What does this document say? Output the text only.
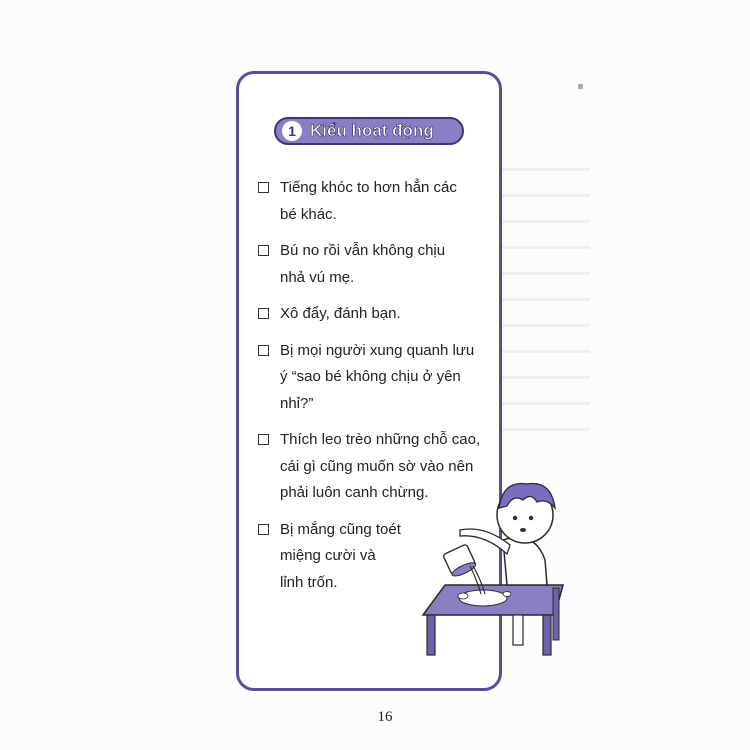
1 Kiểu hoạt động
Tiếng khóc to hơn hẳn các
bé khác.
Bú no rồi vẫn không chịu
nhả vú mẹ.
Xô đẩy, đánh bạn.
Bị mọi người xung quanh lưu
ý “sao bé không chịu ở yên
nhỉ?”
Thích leo trèo những chỗ cao,
cái gì cũng muốn sờ vào nên
phải luôn canh chừng.
Bị mắng cũng toét
miệng cười và
lỉnh trốn.
16
